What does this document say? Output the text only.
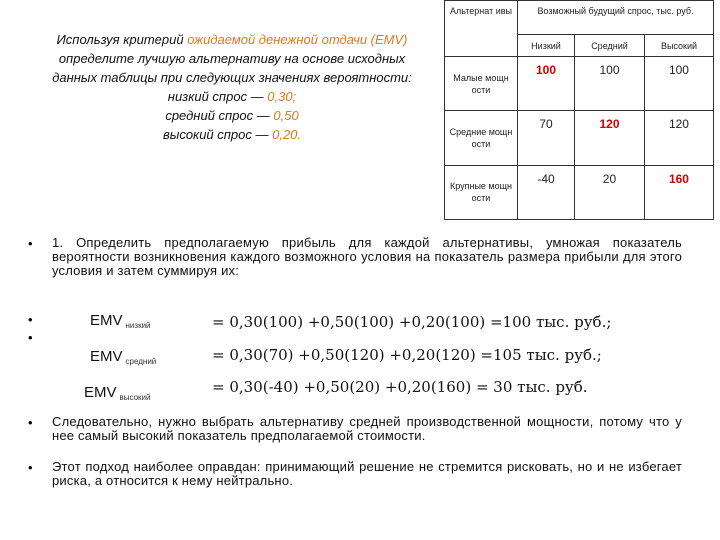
Используя критерий ожидаемой денежной отдачи (EMV)
определите лучшую альтернативу на основе исходных
данных таблицы при следующих значениях вероятности:
низкий спрос — 0,30;
средний спрос — 0,50
высокий спрос — 0,20.
Альтернат ивы	Возможный будущий спрос, тыс. руб.		
	Низкий	Средний	Высокий
Малые мощн ости	100	100	100
Средние мощн ости	70	120	120
Крупные мощн ости	-40	20	160
• 1. Определить предполагаемую прибыль для каждой альтернативы, умножая показатель вероятности возникновения каждого возможного условия на показатель размера прибыли для этого условия и затем суммируя их:
•
•
EMV $_{низкий}$	= 0,30(100) +0,50(100) +0,20(100) =100 тыс. руб.;
EMV $_{средний}$	= 0,30(70) +0,50(120) +0,20(120) =105 тыс. руб.;
EMV $_{высокий}$
= 0,30(-40) +0,50(20) +0,20(160) = 30 тыс. руб.
• Следовательно, нужно выбрать альтернативу средней производственной мощности, потому что у нее самый высокий показатель предполагаемой стоимости.
• Этот подход наиболее оправдан: принимающий решение не стремится рисковать, но и не избегает риска, а относится к нему нейтрально.
